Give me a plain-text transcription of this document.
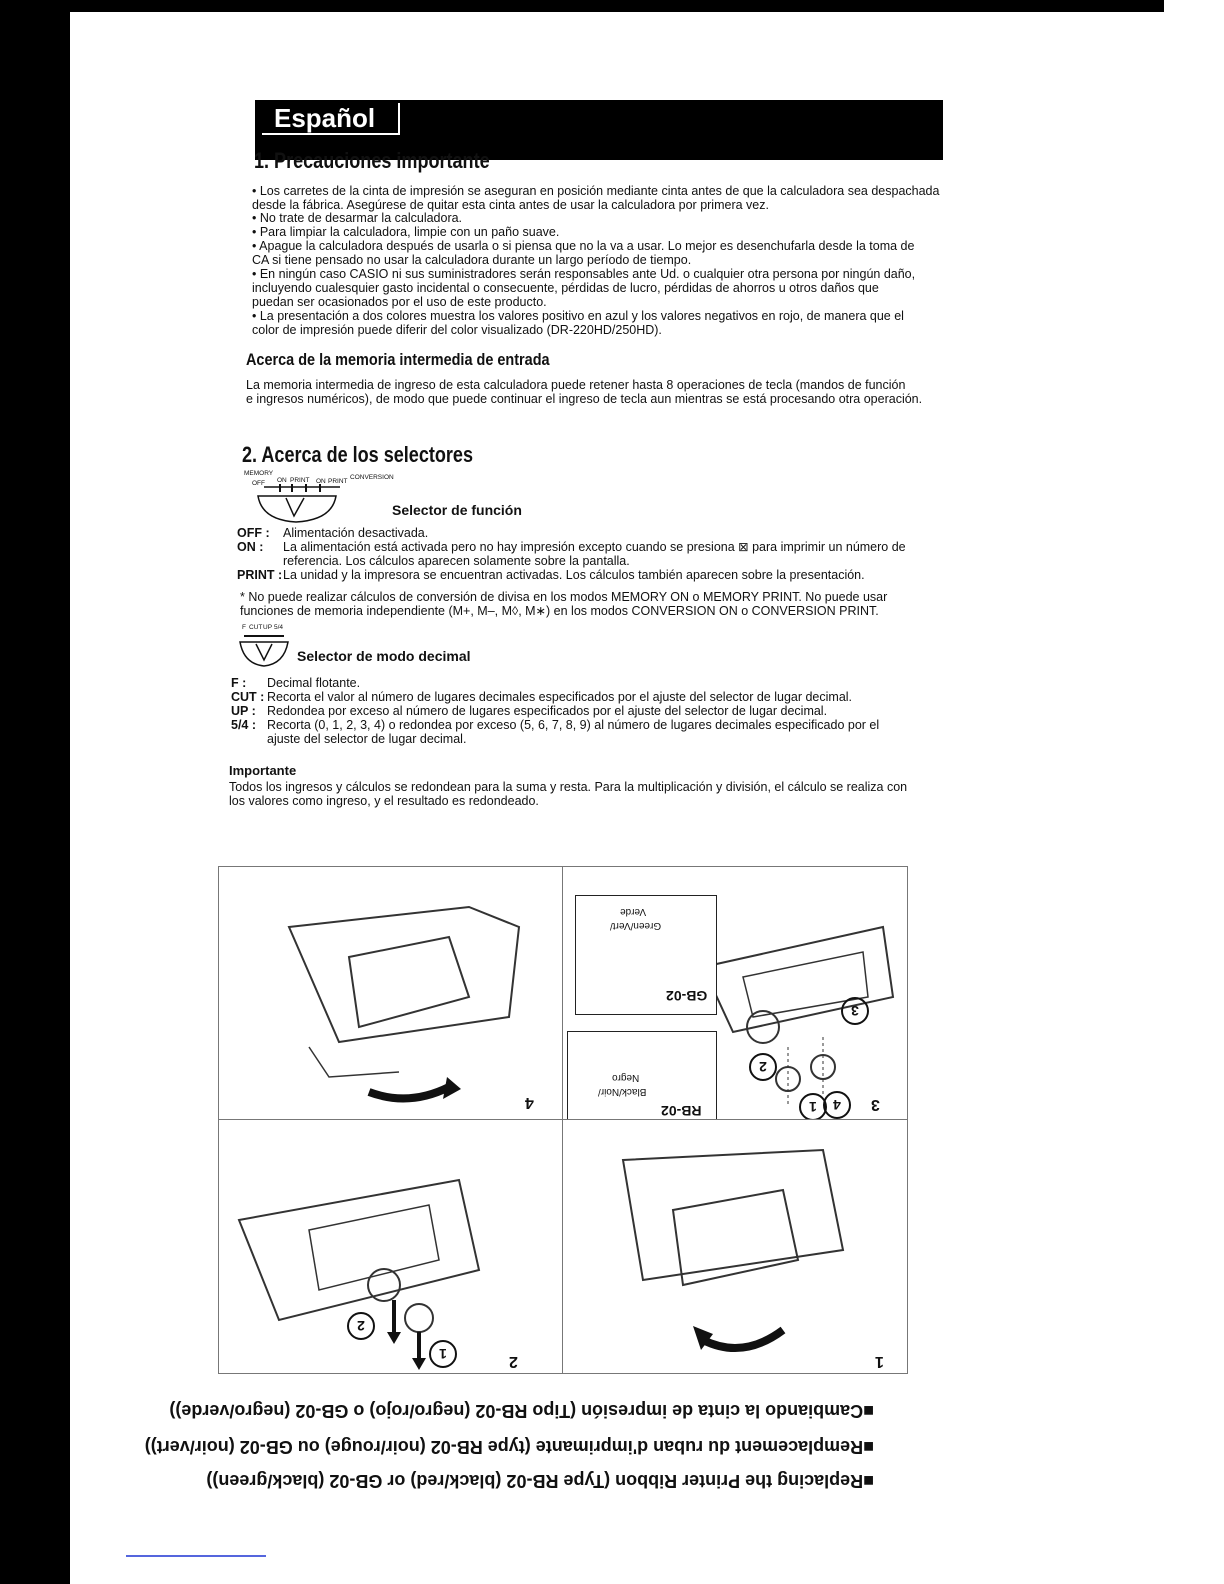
Español
1. Precauciones importante
Acerca de la memoria intermedia de entrada
2. Acerca de los selectores
MEMORY
OFF ON PRINT ON PRINT
CONVERSION
Selector de función
F CUT UP 5/4
Selector de modo decimal
Importante
4
Verde
Green/Vert/
GB-02
Negro
Black/Noir/
RB-02	1	4
2
3
3
2
1	2	1
■Replacing the Printer Ribbon (Type RB-02 (black/red) or GB-02 (black/green))
■Remplacement du ruban d'imprimante (type RB-02 (noir/rouge) ou GB-02 (noir/vert))
■Cambiando la cinta de impresión (Tipo RB-02 (negro/rojo) o GB-02 (negro/verde))
• Los carretes de la cinta de impresión se aseguran en posición mediante cinta antes de que la calculadora sea despachada
desde la fábrica. Asegúrese de quitar esta cinta antes de usar la calculadora por primera vez.
• No trate de desarmar la calculadora.
• Para limpiar la calculadora, limpie con un paño suave.
• Apague la calculadora después de usarla o si piensa que no la va a usar. Lo mejor es desenchufarla desde la toma de
CA si tiene pensado no usar la calculadora durante un largo período de tiempo.
• En ningún caso CASIO ni sus suministradores serán responsables ante Ud. o cualquier otra persona por ningún daño,
incluyendo cualesquier gasto incidental o consecuente, pérdidas de lucro, pérdidas de ahorros u otros daños que
puedan ser ocasionados por el uso de este producto.
• La presentación a dos colores muestra los valores positivo en azul y los valores negativos en rojo, de manera que el
color de impresión puede diferir del color visualizado (DR-220HD/250HD).
La memoria intermedia de ingreso de esta calculadora puede retener hasta 8 operaciones de tecla (mandos de función
e ingresos numéricos), de modo que puede continuar el ingreso de tecla aun mientras se está procesando otra operación.
OFF : Alimentación desactivada.
ON : La alimentación está activada pero no hay impresión excepto cuando se presiona ⊠ para imprimir un número de
referencia. Los cálculos aparecen solamente sobre la pantalla.
PRINT :La unidad y la impresora se encuentran activadas. Los cálculos también aparecen sobre la presentación.
* No puede realizar cálculos de conversión de divisa en los modos MEMORY ON o MEMORY PRINT. No puede usar
funciones de memoria independiente (M+, M–, M◊, M∗) en los modos CONVERSION ON o CONVERSION PRINT.
F : Decimal flotante.
CUT : Recorta el valor al número de lugares decimales especificados por el ajuste del selector de lugar decimal.
UP : Redondea por exceso al número de lugares especificados por el ajuste del selector de lugar decimal.
5/4 : Recorta (0, 1, 2, 3, 4) o redondea por exceso (5, 6, 7, 8, 9) al número de lugares decimales especificado por el
ajuste del selector de lugar decimal.
Todos los ingresos y cálculos se redondean para la suma y resta. Para la multiplicación y división, el cálculo se realiza con
los valores como ingreso, y el resultado es redondeado.
